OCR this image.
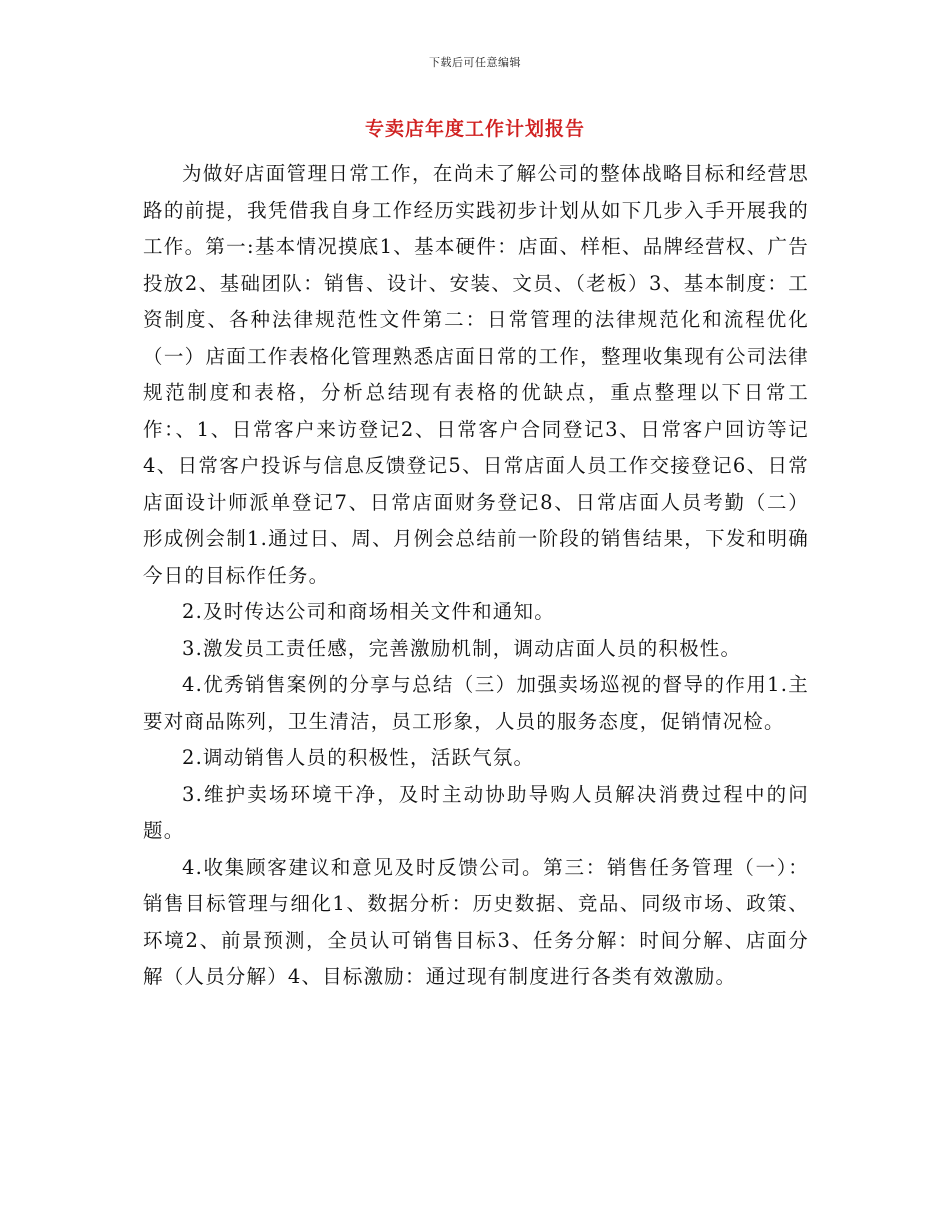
下载后可任意编辑
专卖店年度工作计划报告

为做好店面管理日常工作，在尚未了解公司的整体战略目标和经营思路的前提，我凭借我自身工作经历实践初步计划从如下几步入手开展我的工作。第一:基本情况摸底1、基本硬件：店面、样柜、品牌经营权、广告投放2、基础团队：销售、设计、安装、文员、（老板）3、基本制度：工资制度、各种法律规范性文件第二：日常管理的法律规范化和流程优化（一）店面工作表格化管理熟悉店面日常的工作，整理收集现有公司法律规范制度和表格，分析总结现有表格的优缺点，重点整理以下日常工作：、1、日常客户来访登记2、日常客户合同登记3、日常客户回访等记4、日常客户投诉与信息反馈登记5、日常店面人员工作交接登记6、日常店面设计师派单登记7、日常店面财务登记8、日常店面人员考勤（二）形成例会制1.通过日、周、月例会总结前一阶段的销售结果，下发和明确今日的目标作任务。

2.及时传达公司和商场相关文件和通知。

3.激发员工责任感，完善激励机制，调动店面人员的积极性。

4.优秀销售案例的分享与总结（三）加强卖场巡视的督导的作用1.主要对商品陈列，卫生清洁，员工形象，人员的服务态度，促销情况检。

2.调动销售人员的积极性，活跃气氛。

3.维护卖场环境干净，及时主动协助导购人员解决消费过程中的问题。

4.收集顾客建议和意见及时反馈公司。第三：销售任务管理（一）：销售目标管理与细化1、数据分析：历史数据、竞品、同级市场、政策、环境2、前景预测，全员认可销售目标3、任务分解：时间分解、店面分解（人员分解）4、目标激励：通过现有制度进行各类有效激励。
